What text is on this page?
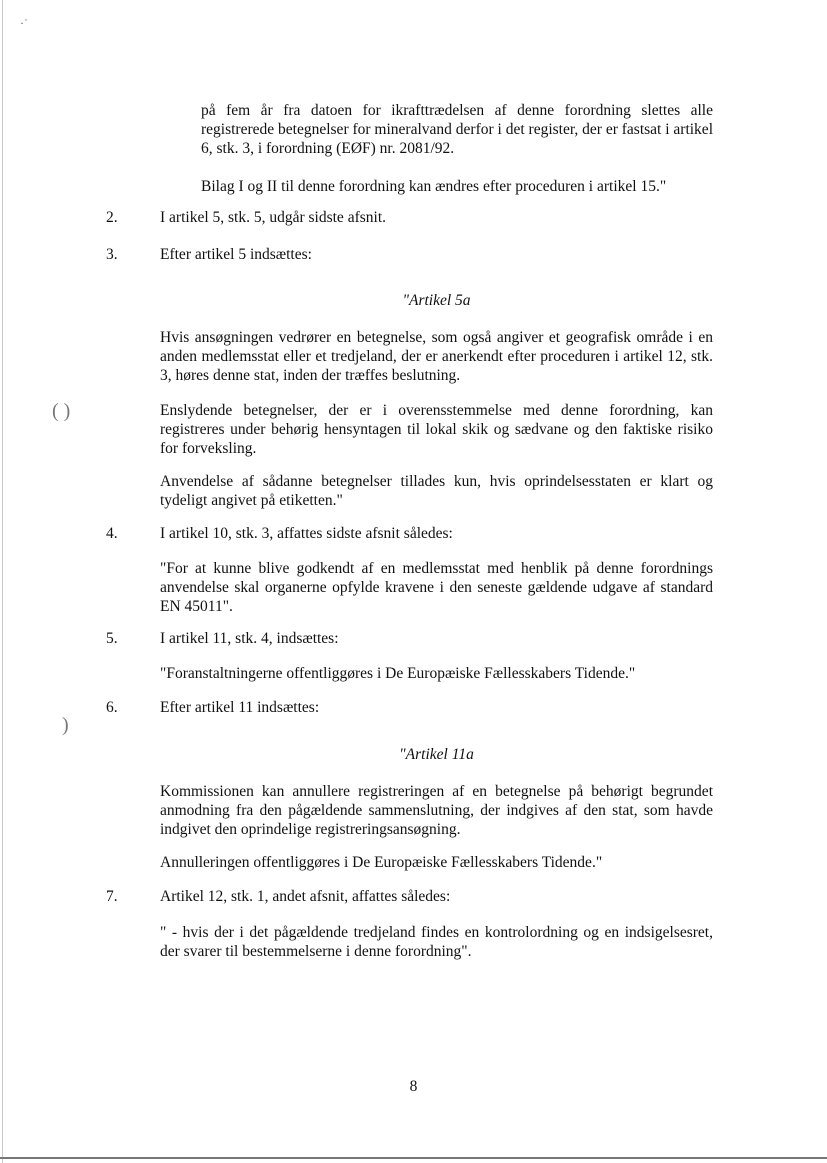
·˙

på fem år fra datoen for ikrafttrædelsen af denne forordning slettes alle registrerede betegnelser for mineralvand derfor i det register, der er fastsat i artikel 6, stk. 3, i forordning (EØF) nr. 2081/92.

Bilag I og II til denne forordning kan ændres efter proceduren i artikel 15."

2.	I artikel 5, stk. 5, udgår sidste afsnit.

3.	Efter artikel 5 indsættes:

"Artikel 5a

Hvis ansøgningen vedrører en betegnelse, som også angiver et geografisk område i en anden medlemsstat eller et tredjeland, der er anerkendt efter proceduren i artikel 12, stk. 3, høres denne stat, inden der træffes beslutning.

( )	Enslydende betegnelser, der er i overensstemmelse med denne forordning, kan registreres under behørig hensyntagen til lokal skik og sædvane og den faktiske risiko for forveksling.

Anvendelse af sådanne betegnelser tillades kun, hvis oprindelsesstaten er klart og tydeligt angivet på etiketten."

4.	I artikel 10, stk. 3, affattes sidste afsnit således:

"For at kunne blive godkendt af en medlemsstat med henblik på denne forordnings anvendelse skal organerne opfylde kravene i den seneste gældende udgave af standard EN 45011".

5.	I artikel 11, stk. 4, indsættes:

"Foranstaltningerne offentliggøres i De Europæiske Fællesskabers Tidende."

6.	Efter artikel 11 indsættes:

)

"Artikel 11a

Kommissionen kan annullere registreringen af en betegnelse på behørigt begrundet anmodning fra den pågældende sammenslutning, der indgives af den stat, som havde indgivet den oprindelige registreringsansøgning.

Annulleringen offentliggøres i De Europæiske Fællesskabers Tidende."

7.	Artikel 12, stk. 1, andet afsnit, affattes således:

" - hvis der i det pågældende tredjeland findes en kontrolordning og en indsigelsesret, der svarer til bestemmelserne i denne forordning".

8
